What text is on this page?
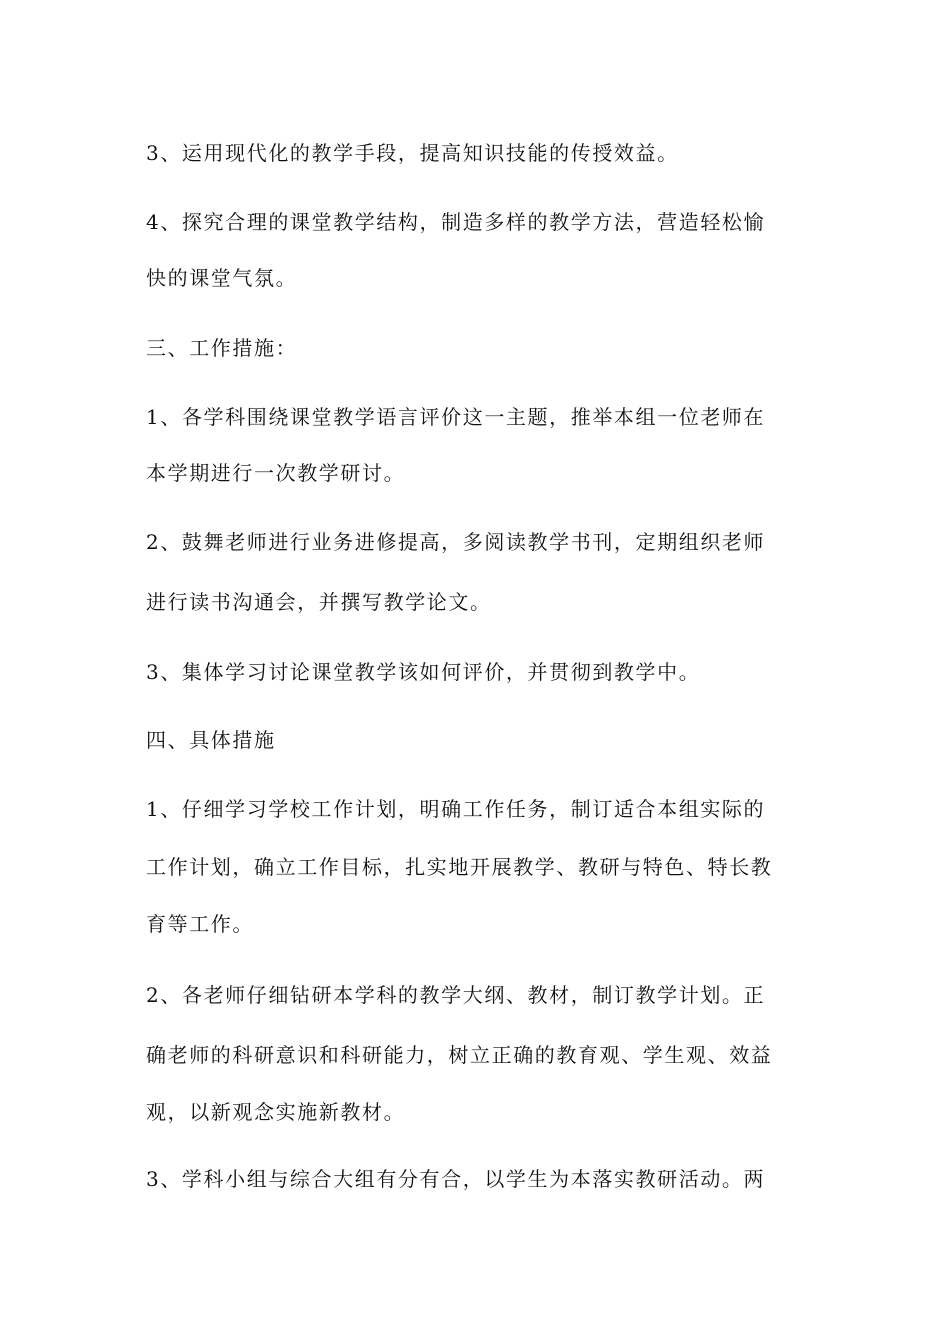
3、运用现代化的教学手段，提高知识技能的传授效益。
4、探究合理的课堂教学结构，制造多样的教学方法，营造轻松愉
快的课堂气氛。
三、工作措施：
1、各学科围绕课堂教学语言评价这一主题，推举本组一位老师在
本学期进行一次教学研讨。
2、鼓舞老师进行业务进修提高，多阅读教学书刊，定期组织老师
进行读书沟通会，并撰写教学论文。
3、集体学习讨论课堂教学该如何评价，并贯彻到教学中。
四、具体措施
1、仔细学习学校工作计划，明确工作任务，制订适合本组实际的
工作计划，确立工作目标，扎实地开展教学、教研与特色、特长教
育等工作。
2、各老师仔细钻研本学科的教学大纲、教材，制订教学计划。正
确老师的科研意识和科研能力，树立正确的教育观、学生观、效益
观，以新观念实施新教材。
3、学科小组与综合大组有分有合，以学生为本落实教研活动。两
